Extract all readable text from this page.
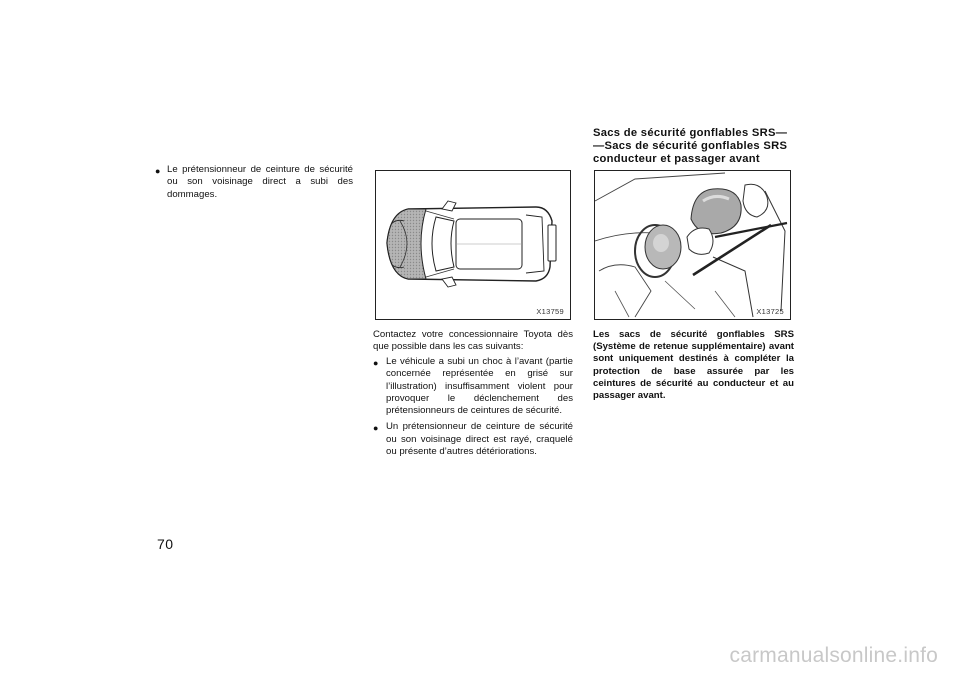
● Le prétensionneur de ceinture de sécurité ou son voisinage direct a subi des dommages.
70
X13759
Contactez votre concessionnaire Toyota dès que possible dans les cas suivants:
● Le véhicule a subi un choc à l’avant (partie concernée représentée en grisé sur l’illustration) insuffisamment violent pour provoquer le déclenchement des prétensionneurs de ceintures de sécurité.
● Un prétensionneur de ceinture de sécurité ou son voisinage direct est rayé, craquelé ou présente d’autres détériorations.
Sacs de sécurité gonflables SRS—
—Sacs de sécurité gonflables SRS
conducteur et passager avant
X13725
Les sacs de sécurité gonflables SRS (Système de retenue supplémentaire) avant sont uniquement destinés à compléter la protection de base assurée par les ceintures de sécurité au conducteur et au passager avant.
carmanualsonline.info
